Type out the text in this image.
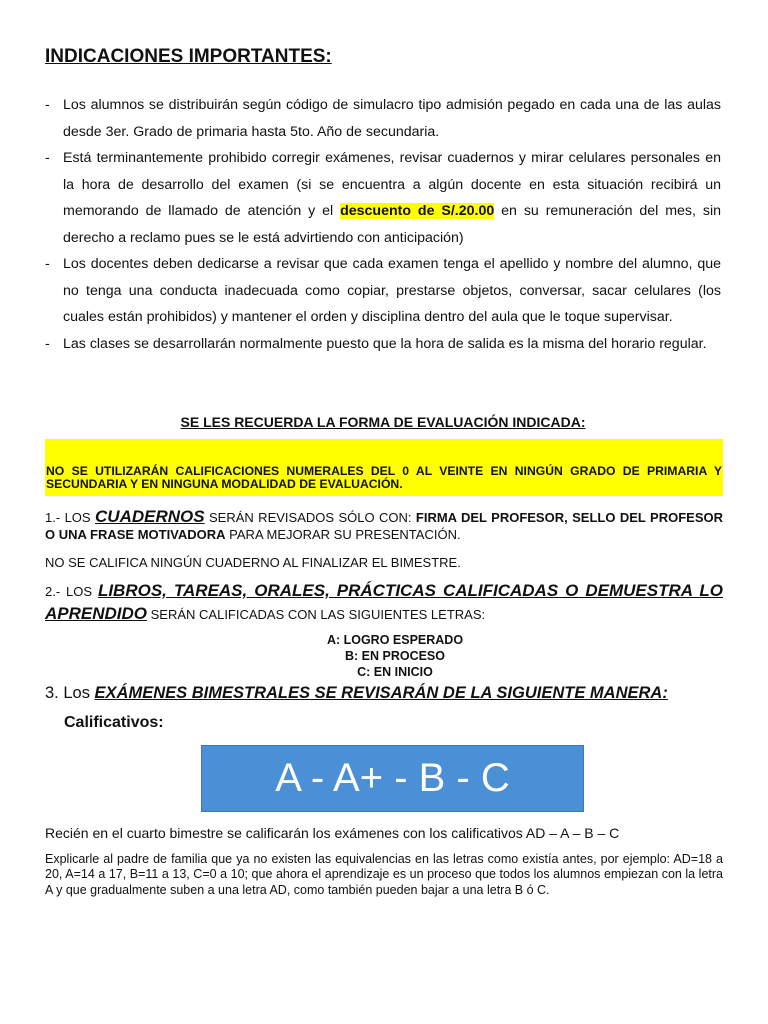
INDICACIONES IMPORTANTES:
- Los alumnos se distribuirán según código de simulacro tipo admisión pegado en cada una de las aulas desde 3er. Grado de primaria hasta 5to. Año de secundaria.
- Está terminantemente prohibido corregir exámenes, revisar cuadernos y mirar celulares personales en la hora de desarrollo del examen (si se encuentra a algún docente en esta situación recibirá un memorando de llamado de atención y el descuento de S/.20.00 en su remuneración del mes, sin derecho a reclamo pues se le está advirtiendo con anticipación)
- Los docentes deben dedicarse a revisar que cada examen tenga el apellido y nombre del alumno, que no tenga una conducta inadecuada como copiar, prestarse objetos, conversar, sacar celulares (los cuales están prohibidos) y mantener el orden y disciplina dentro del aula que le toque supervisar.
- Las clases se desarrollarán normalmente puesto que la hora de salida es la misma del horario regular.
SE LES RECUERDA LA FORMA DE EVALUACIÓN INDICADA:
NO SE UTILIZARÁN CALIFICACIONES NUMERALES DEL 0 AL VEINTE EN NINGÚN GRADO DE PRIMARIA Y SECUNDARIA Y EN NINGUNA MODALIDAD DE EVALUACIÓN.
1.- LOS CUADERNOS SERÁN REVISADOS SÓLO CON: FIRMA DEL PROFESOR, SELLO DEL PROFESOR O UNA FRASE MOTIVADORA PARA MEJORAR SU PRESENTACIÓN.
NO SE CALIFICA NINGÚN CUADERNO AL FINALIZAR EL BIMESTRE.
2.- LOS LIBROS, TAREAS, ORALES, PRÁCTICAS CALIFICADAS O DEMUESTRA LO APRENDIDO SERÁN CALIFICADAS CON LAS SIGUIENTES LETRAS:
A: LOGRO ESPERADO
B: EN PROCESO
C: EN INICIO
3. Los EXÁMENES BIMESTRALES SE REVISARÁN DE LA SIGUIENTE MANERA:
Calificativos:
A - A+ - B - C
Recién en el cuarto bimestre se calificarán los exámenes con los calificativos AD – A – B – C
Explicarle al padre de familia que ya no existen las equivalencias en las letras como existía antes, por ejemplo: AD=18 a 20, A=14 a 17, B=11 a 13, C=0 a 10; que ahora el aprendizaje es un proceso que todos los alumnos empiezan con la letra A y que gradualmente suben a una letra AD, como también pueden bajar a una letra B ó C.
